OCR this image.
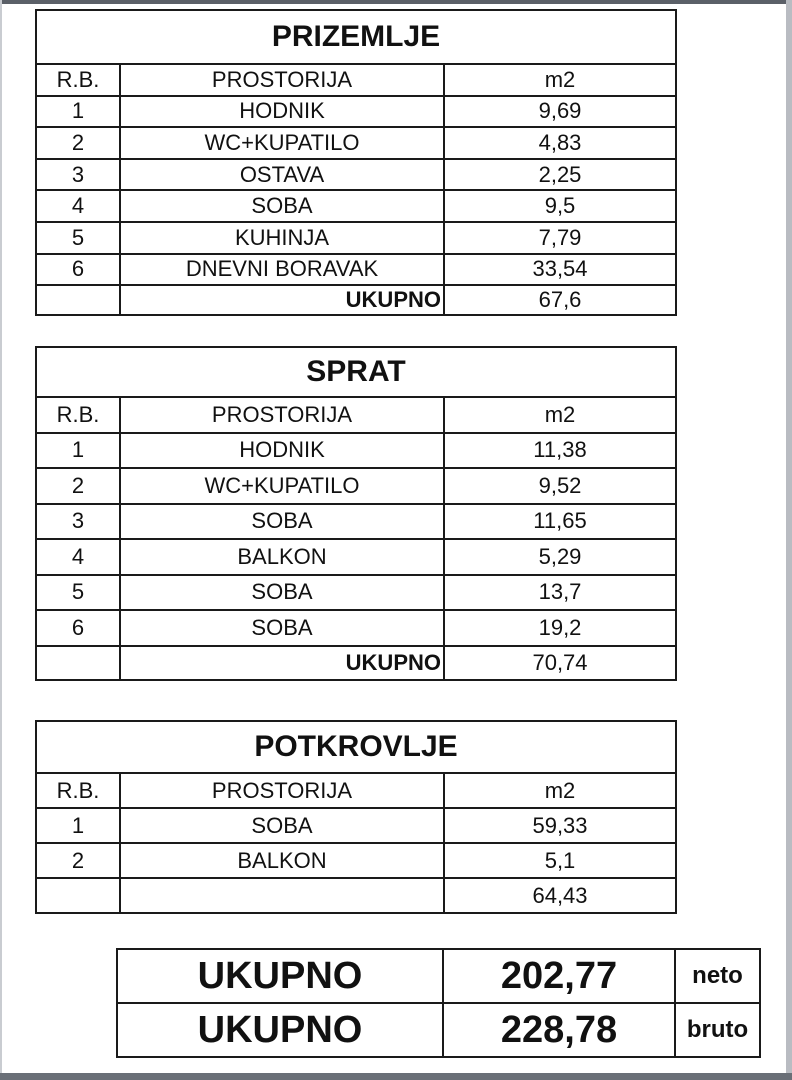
PRIZEMLJE		
R.B.	PROSTORIJA	m2
1	HODNIK	9,69
2	WC+KUPATILO	4,83
3	OSTAVA	2,25
4	SOBA	9,5
5	KUHINJA	7,79
6	DNEVNI BORAVAK	33,54
	UKUPNO	67,6
SPRAT		
R.B.	PROSTORIJA	m2
1	HODNIK	11,38
2	WC+KUPATILO	9,52
3	SOBA	11,65
4	BALKON	5,29
5	SOBA	13,7
6	SOBA	19,2
	UKUPNO	70,74
POTKROVLJE		
R.B.	PROSTORIJA	m2
1	SOBA	59,33
2	BALKON	5,1
		64,43
UKUPNO	202,77	neto
UKUPNO	228,78	bruto
